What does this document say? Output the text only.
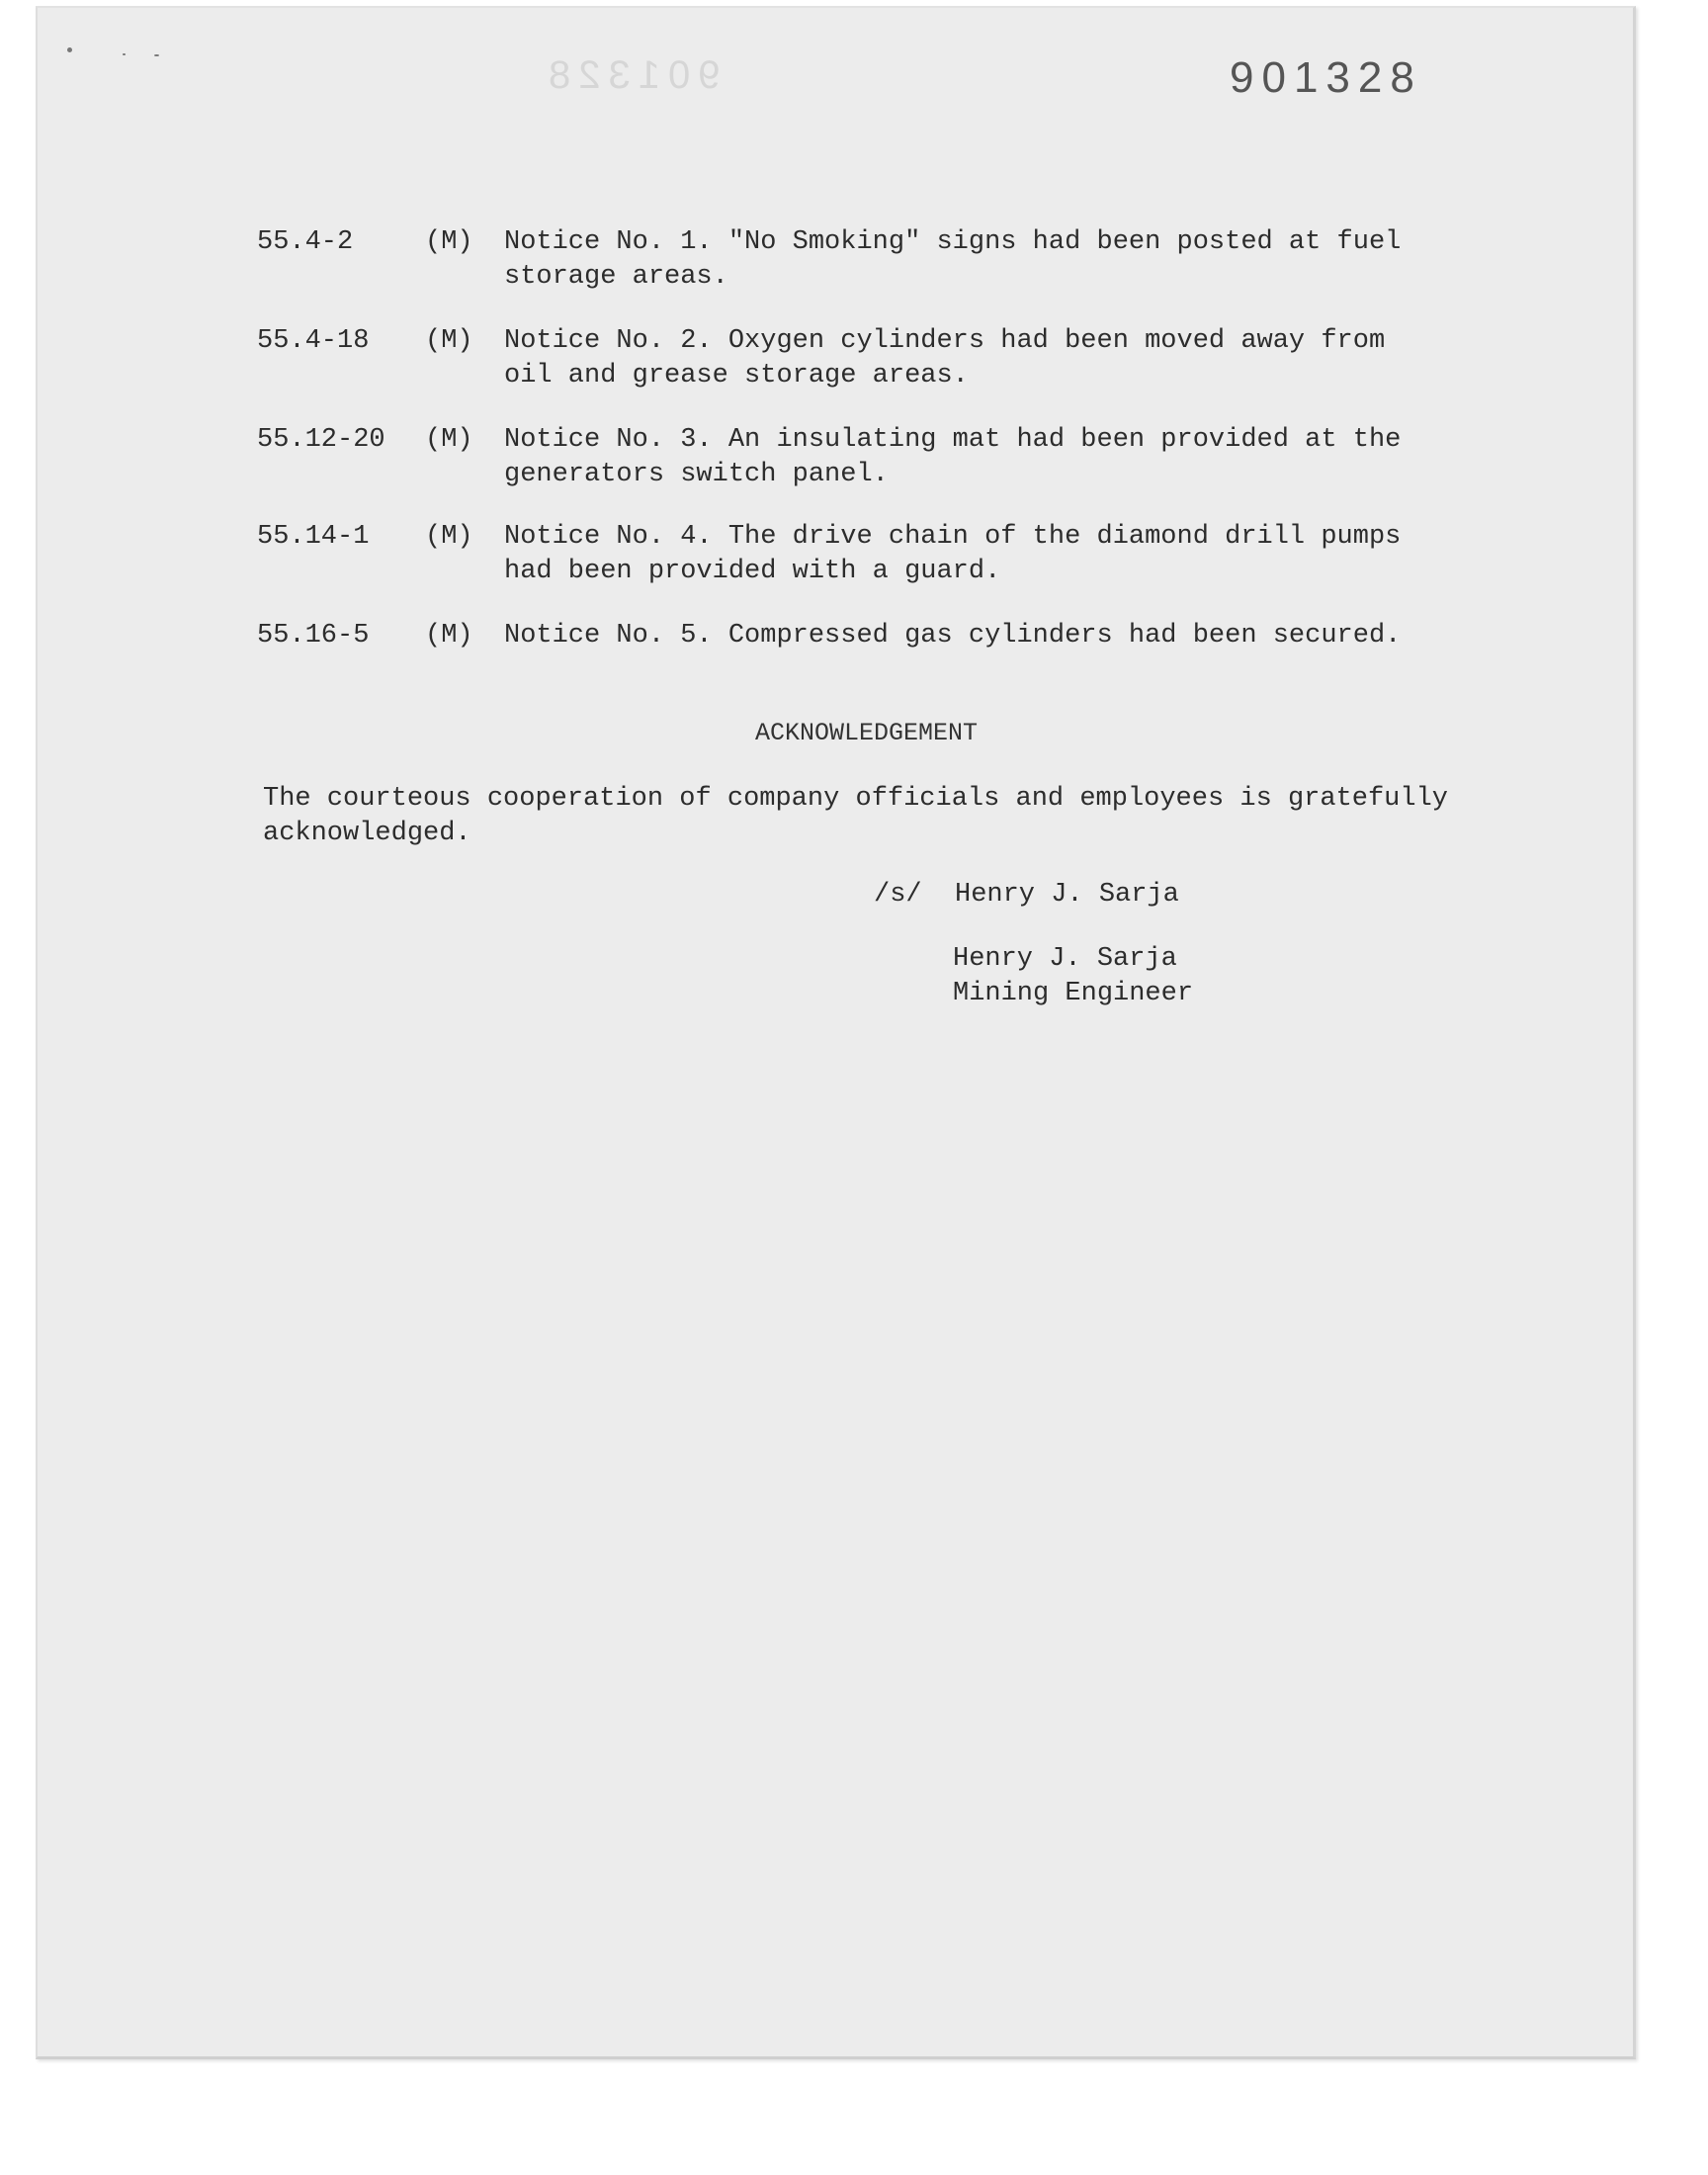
901328	901328
55.4-2	(M)	Notice No. 1. "No Smoking" signs had been posted at fuel
storage areas.
55.4-18	(M)	Notice No. 2. Oxygen cylinders had been moved away from
oil and grease storage areas.
55.12-20	(M)	Notice No. 3. An insulating mat had been provided at the
generators switch panel.
55.14-1	(M)	Notice No. 4. The drive chain of the diamond drill pumps
had been provided with a guard.
55.16-5	(M)	Notice No. 5. Compressed gas cylinders had been secured.
ACKNOWLEDGEMENT
The courteous cooperation of company officials and employees is gratefully
acknowledged.
/s/ Henry J. Sarja
Henry J. Sarja
Mining Engineer
